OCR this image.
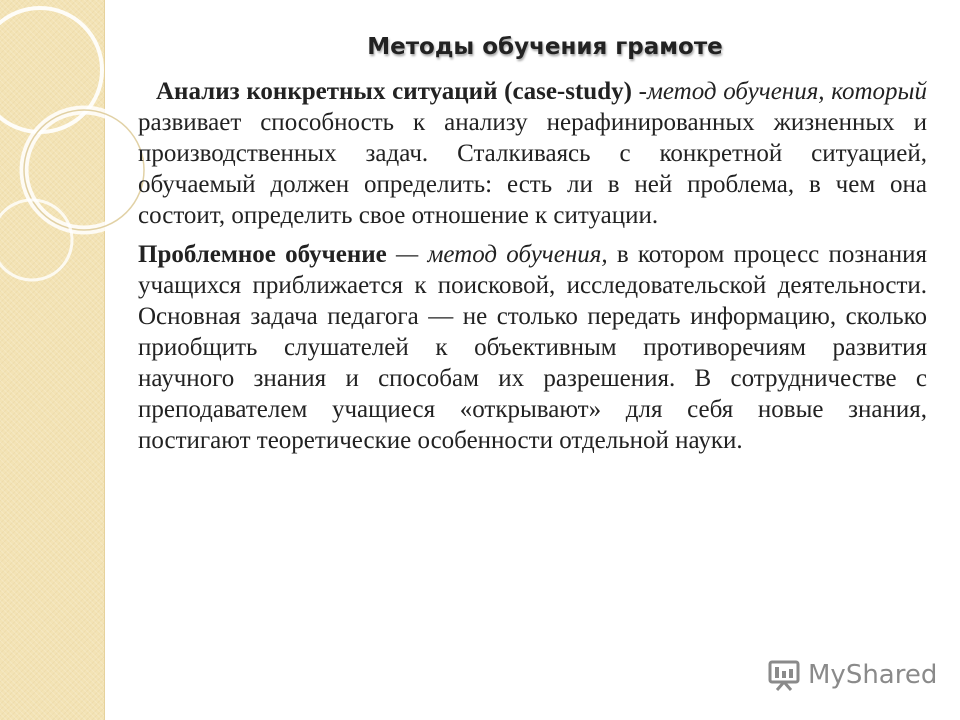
Методы обучения грамоте

Анализ конкретных ситуаций (case-study) -метод обучения, который развивает способность к анализу нерафинированных жизненных и производственных задач. Сталкиваясь с конкретной ситуацией, обучаемый должен определить: есть ли в ней проблема, в чем она состоит, определить свое отношение к ситуации.

Проблемное обучение — метод обучения, в котором процесс познания учащихся приближается к поисковой, исследовательской деятельности. Основная задача педагога — не столько передать информацию, сколько приобщить слушателей к объективным противоречиям развития научного знания и способам их разрешения. В сотрудничестве с преподавателем учащиеся «открывают» для себя новые знания, постигают теоретические особенности отдельной науки.

MyShared
